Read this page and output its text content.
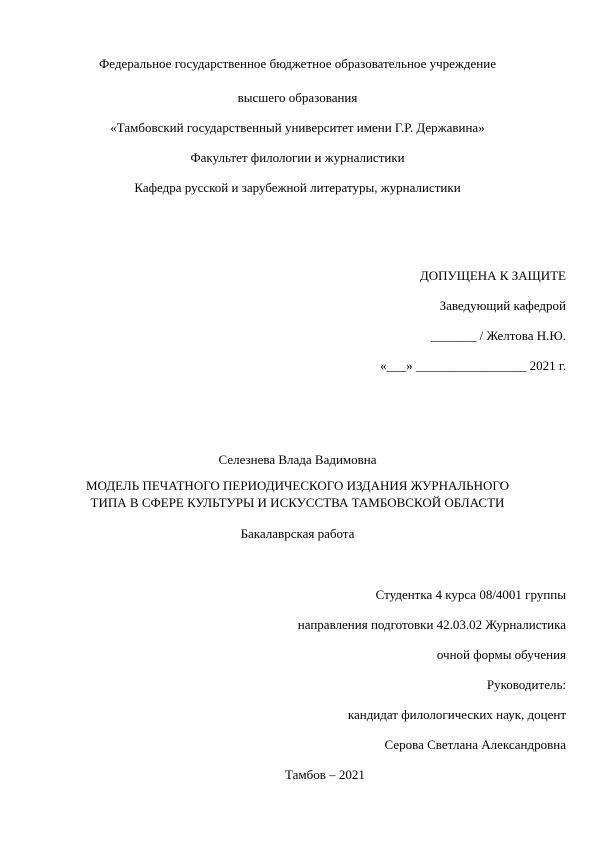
Федеральное государственное бюджетное образовательное учреждение
высшего образования
«Тамбовский государственный университет имени Г.Р. Державина»
Факультет филологии и журналистики
Кафедра русской и зарубежной литературы, журналистики
ДОПУЩЕНА К ЗАЩИТЕ
Заведующий кафедрой
_______ / Желтова Н.Ю.
«___» _________________ 2021 г.
Селезнева Влада Вадимовна
МОДЕЛЬ ПЕЧАТНОГО ПЕРИОДИЧЕСКОГО ИЗДАНИЯ ЖУРНАЛЬНОГО
ТИПА В СФЕРЕ КУЛЬТУРЫ И ИСКУССТВА ТАМБОВСКОЙ ОБЛАСТИ
Бакалаврская работа
Студентка 4 курса 08/4001 группы
направления подготовки 42.03.02 Журналистика
очной формы обучения
Руководитель:
кандидат филологических наук, доцент
Серова Светлана Александровна
Тамбов – 2021
